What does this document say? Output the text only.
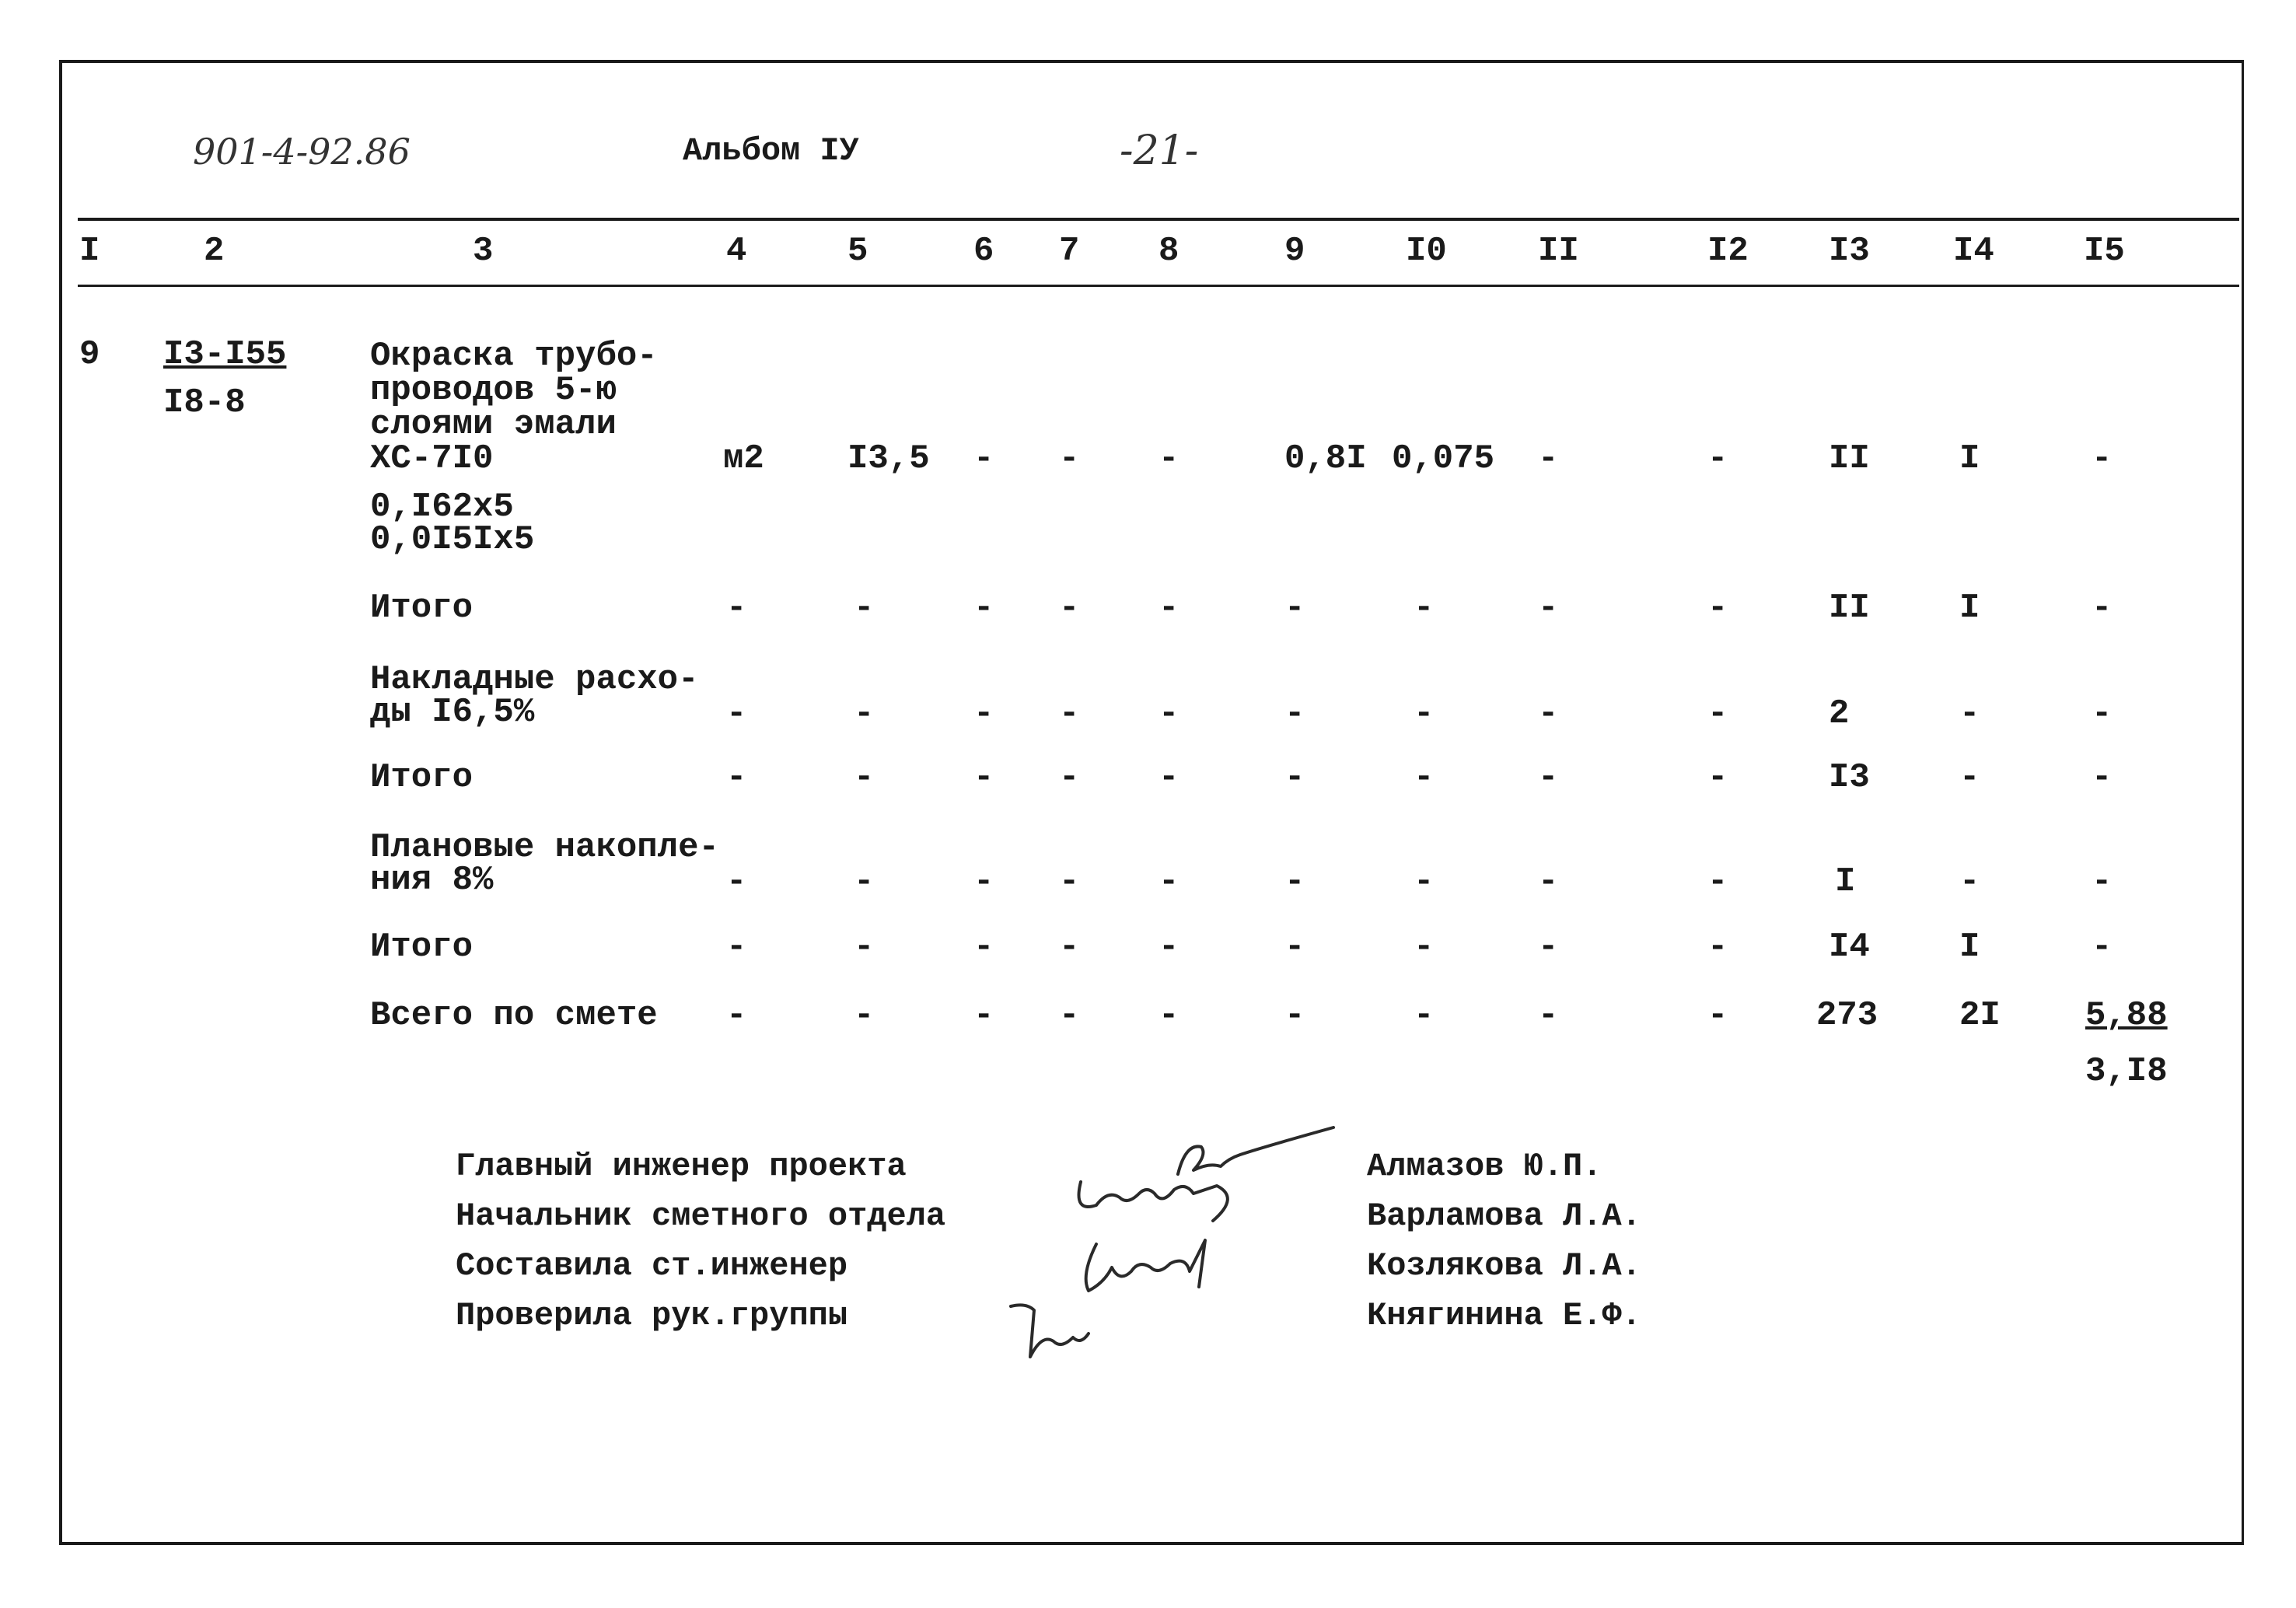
901-4-92.86	Альбом IУ	-21-
I	2	3	4	5	6 7 8	9	I0	II	I2 I3 I4	I5
9 I3-I55
I8-8
Окраска трубо-
проводов 5-ю
слоями эмали
ХС-7I0
0,I62x5
0,0I5Ix5
м2 I3,5 - - -	0,8I 0,075 -	-	II	I	-
Итого	-	-	- - -	-	-	-	-	II	I	-
Накладные расхо-
ды I6,5%	-	-	- - -	-	-	-	-	2	-	-
Итого	-	-	- - -	-	-	-	-	I3	-	-
Плановые накопле-
ния 8%	-	-	- - -	-	-	-	-	I	-	-
Итого	-	-	- - -	-	-	-	-	I4	I	-
Всего по смете -	-	- - -	-	-	-	-	273 2I 5,88
3,I8
Главный инженер проекта
Начальник сметного отдела
Составила ст.инженер
Проверила рук.группы
Алмазов Ю.П.
Варламова Л.А.
Козлякова Л.А.
Княгинина Е.Ф.
